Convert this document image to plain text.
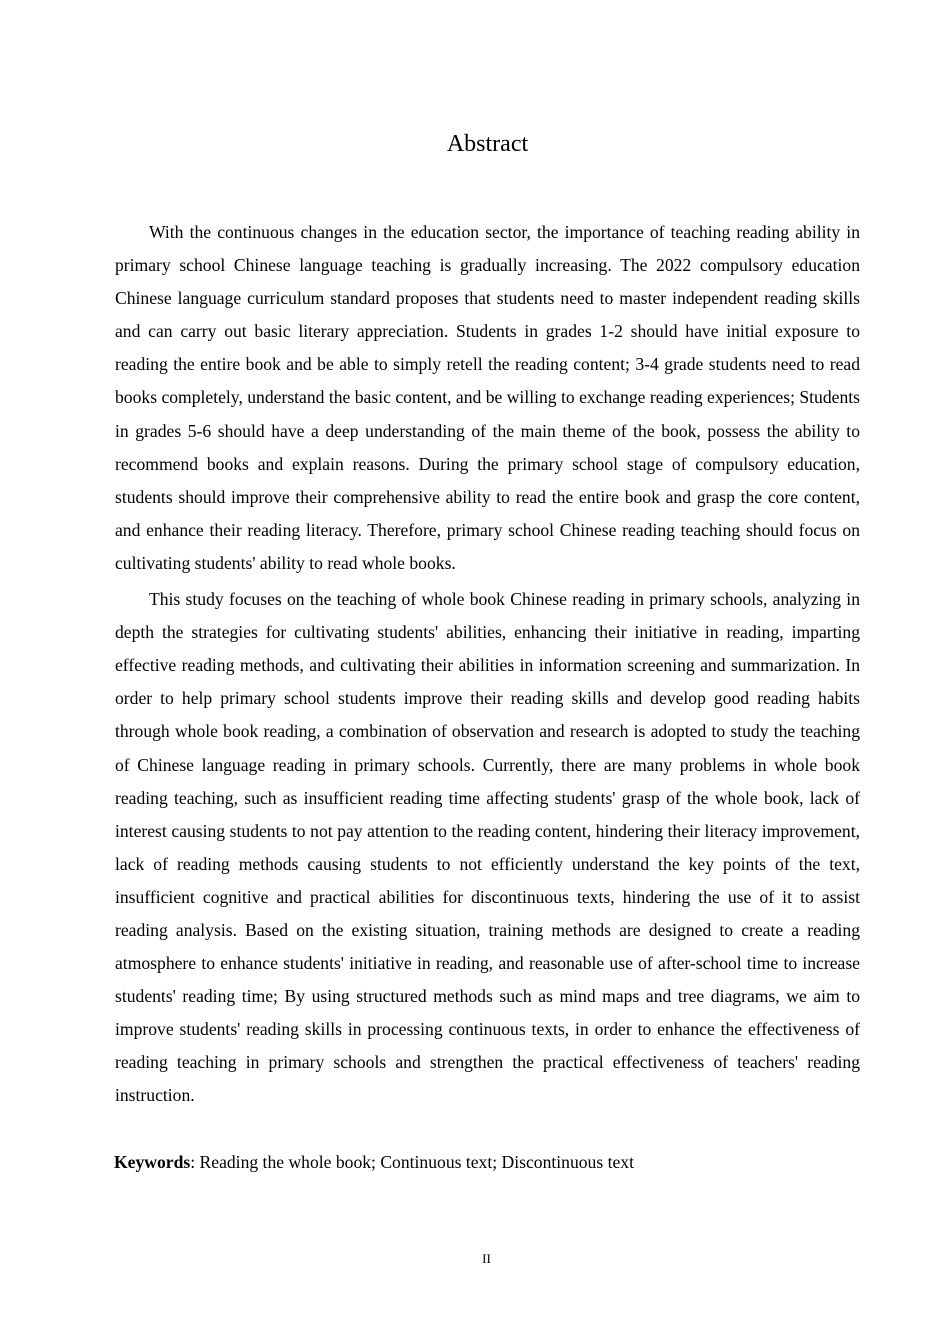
Abstract

With the continuous changes in the education sector, the importance of teaching reading ability in primary school Chinese language teaching is gradually increasing. The 2022 compulsory education Chinese language curriculum standard proposes that students need to master independent reading skills and can carry out basic literary appreciation. Students in grades 1-2 should have initial exposure to reading the entire book and be able to simply retell the reading content; 3-4 grade students need to read books completely, understand the basic content, and be willing to exchange reading experiences; Students in grades 5-6 should have a deep understanding of the main theme of the book, possess the ability to recommend books and explain reasons. During the primary school stage of compulsory education, students should improve their comprehensive ability to read the entire book and grasp the core content, and enhance their reading literacy. Therefore, primary school Chinese reading teaching should focus on cultivating students' ability to read whole books.

This study focuses on the teaching of whole book Chinese reading in primary schools, analyzing in depth the strategies for cultivating students' abilities, enhancing their initiative in reading, imparting effective reading methods, and cultivating their abilities in information screening and summarization. In order to help primary school students improve their reading skills and develop good reading habits through whole book reading, a combination of observation and research is adopted to study the teaching of Chinese language reading in primary schools. Currently, there are many problems in whole book reading teaching, such as insufficient reading time affecting students' grasp of the whole book, lack of interest causing students to not pay attention to the reading content, hindering their literacy improvement, lack of reading methods causing students to not efficiently understand the key points of the text, insufficient cognitive and practical abilities for discontinuous texts, hindering the use of it to assist reading analysis. Based on the existing situation, training methods are designed to create a reading atmosphere to enhance students' initiative in reading, and reasonable use of after-school time to increase students' reading time; By using structured methods such as mind maps and tree diagrams, we aim to improve students' reading skills in processing continuous texts, in order to enhance the effectiveness of reading teaching in primary schools and strengthen the practical effectiveness of teachers' reading instruction.

Keywords: Reading the whole book; Continuous text; Discontinuous text

II
